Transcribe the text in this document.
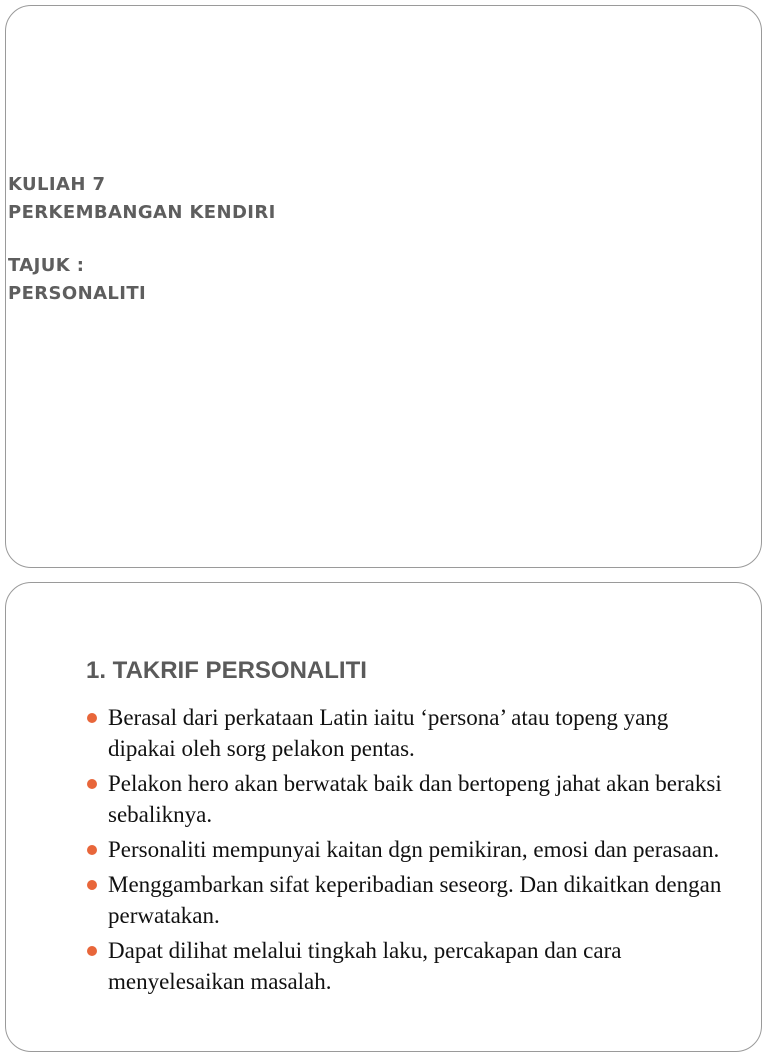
KULIAH 7
PERKEMBANGAN KENDIRI
TAJUK :
PERSONALITI
1. TAKRIF PERSONALITI
Berasal dari perkataan Latin iaitu ‘persona’ atau topeng yang dipakai oleh sorg pelakon pentas.
Pelakon hero akan berwatak baik dan bertopeng jahat akan beraksi sebaliknya.
Personaliti mempunyai kaitan dgn pemikiran, emosi dan perasaan.
Menggambarkan sifat keperibadian seseorg. Dan dikaitkan dengan perwatakan.
Dapat dilihat melalui tingkah laku, percakapan dan cara menyelesaikan masalah.
